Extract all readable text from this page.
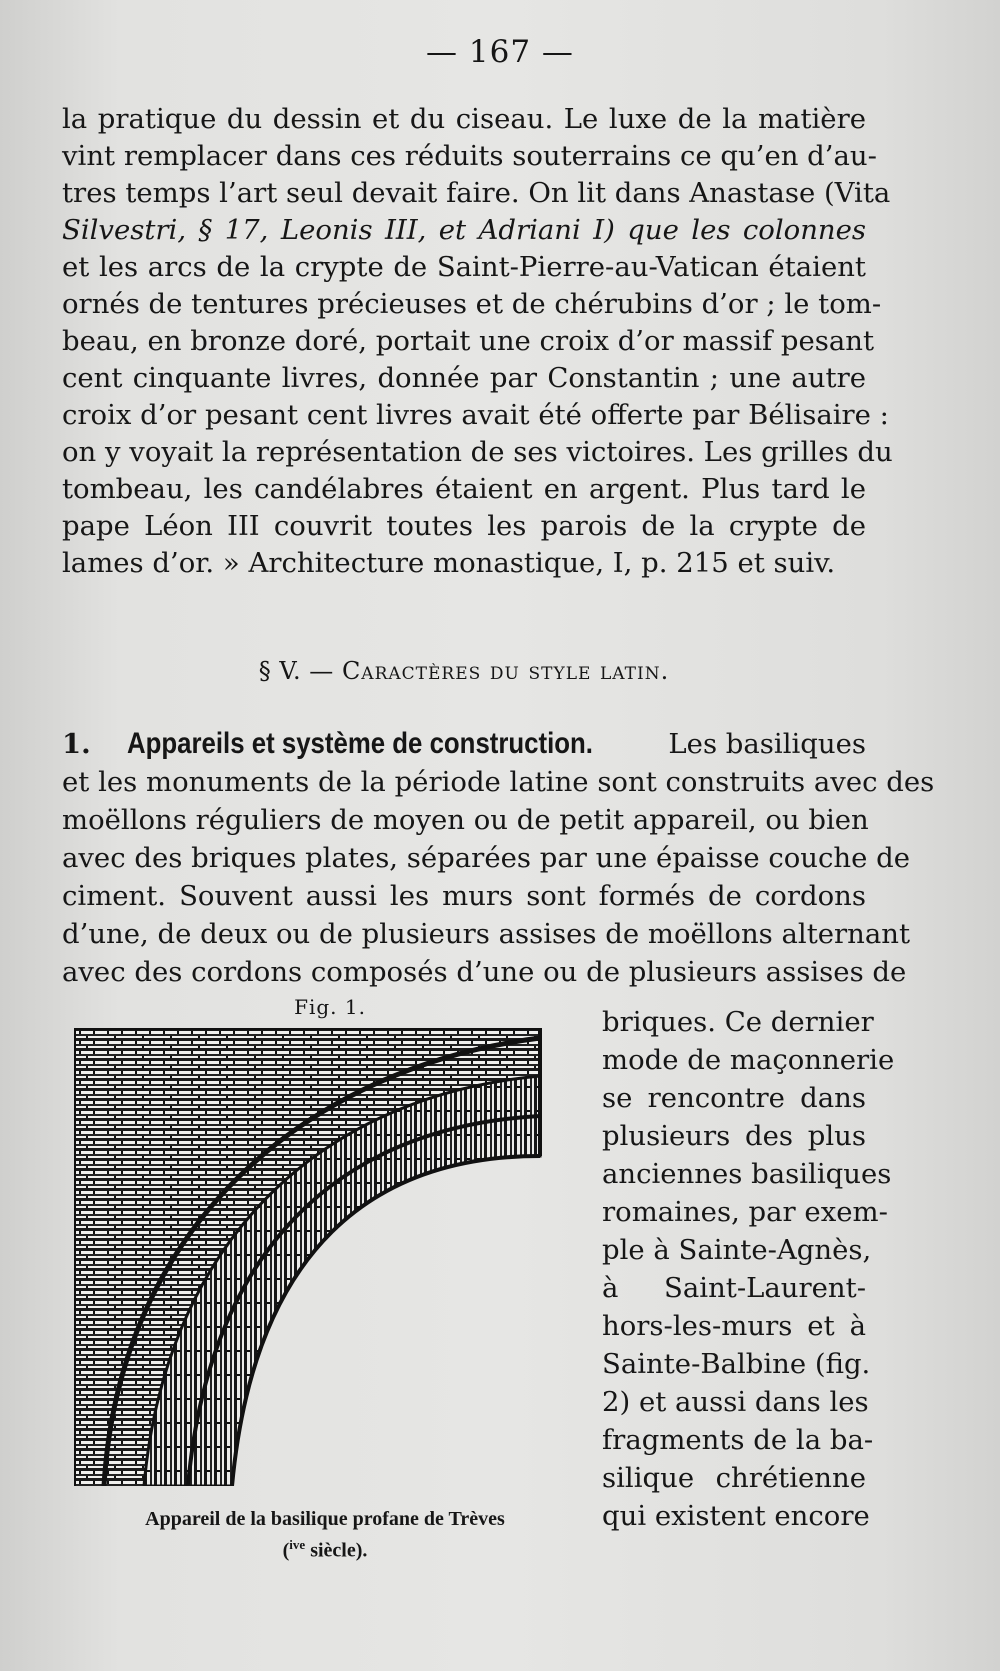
— 167 —
la pratique du dessin et du ciseau. Le luxe de la matière
vint remplacer dans ces réduits souterrains ce qu’en d’au-
tres temps l’art seul devait faire. On lit dans Anastase (Vita
Silvestri, § 17, Leonis III, et Adriani I) que les colonnes
et les arcs de la crypte de Saint-Pierre-au-Vatican étaient
ornés de tentures précieuses et de chérubins d’or ; le tom-
beau, en bronze doré, portait une croix d’or massif pesant
cent cinquante livres, donnée par Constantin ; une autre
croix d’or pesant cent livres avait été offerte par Bélisaire :
on y voyait la représentation de ses victoires. Les grilles du
tombeau, les candélabres étaient en argent. Plus tard le
pape Léon III couvrit toutes les parois de la crypte de
lames d’or. » Architecture monastique, I, p. 215 et suiv.
§ V. — Caractères du style latin.
1. Appareils et système de construction.	Les basiliques
et les monuments de la période latine sont construits avec des
moëllons réguliers de moyen ou de petit appareil, ou bien
avec des briques plates, séparées par une épaisse couche de
ciment. Souvent aussi les murs sont formés de cordons
d’une, de deux ou de plusieurs assises de moëllons alternant
avec des cordons composés d’une ou de plusieurs assises de
briques. Ce dernier
mode de maçonnerie
se rencontre dans
plusieurs des plus
anciennes basiliques
romaines, par exem-
ple à Sainte-Agnès,
à Saint-Laurent-
hors-les-murs et à
Sainte-Balbine (fig.
2) et aussi dans les
fragments de la ba-
silique chrétienne
qui existent encore
Fig. 1.
Appareil de la basilique profane de Trèves
($^{ive}$ siècle).
